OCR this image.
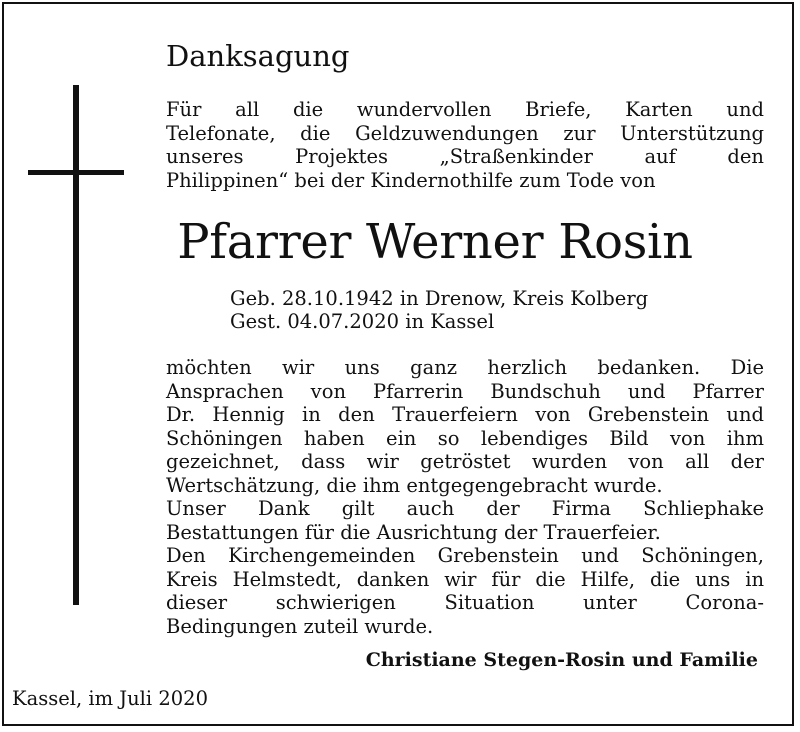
Danksagung
Für all die wundervollen Briefe, Karten und
Telefonate, die Geldzuwendungen zur Unterstützung
unseres Projektes „Straßenkinder auf den
Philippinen“ bei der Kindernothilfe zum Tode von
Pfarrer Werner Rosin
Geb. 28.10.1942 in Drenow, Kreis Kolberg
Gest. 04.07.2020 in Kassel
möchten wir uns ganz herzlich bedanken. Die
Ansprachen von Pfarrerin Bundschuh und Pfarrer
Dr. Hennig in den Trauerfeiern von Grebenstein und
Schöningen haben ein so lebendiges Bild von ihm
gezeichnet, dass wir getröstet wurden von all der
Wertschätzung, die ihm entgegengebracht wurde.
Unser Dank gilt auch der Firma Schliephake
Bestattungen für die Ausrichtung der Trauerfeier.
Den Kirchengemeinden Grebenstein und Schöningen,
Kreis Helmstedt, danken wir für die Hilfe, die uns in
dieser schwierigen Situation unter Corona-
Bedingungen zuteil wurde.
Christiane Stegen-Rosin und Familie
Kassel, im Juli 2020
